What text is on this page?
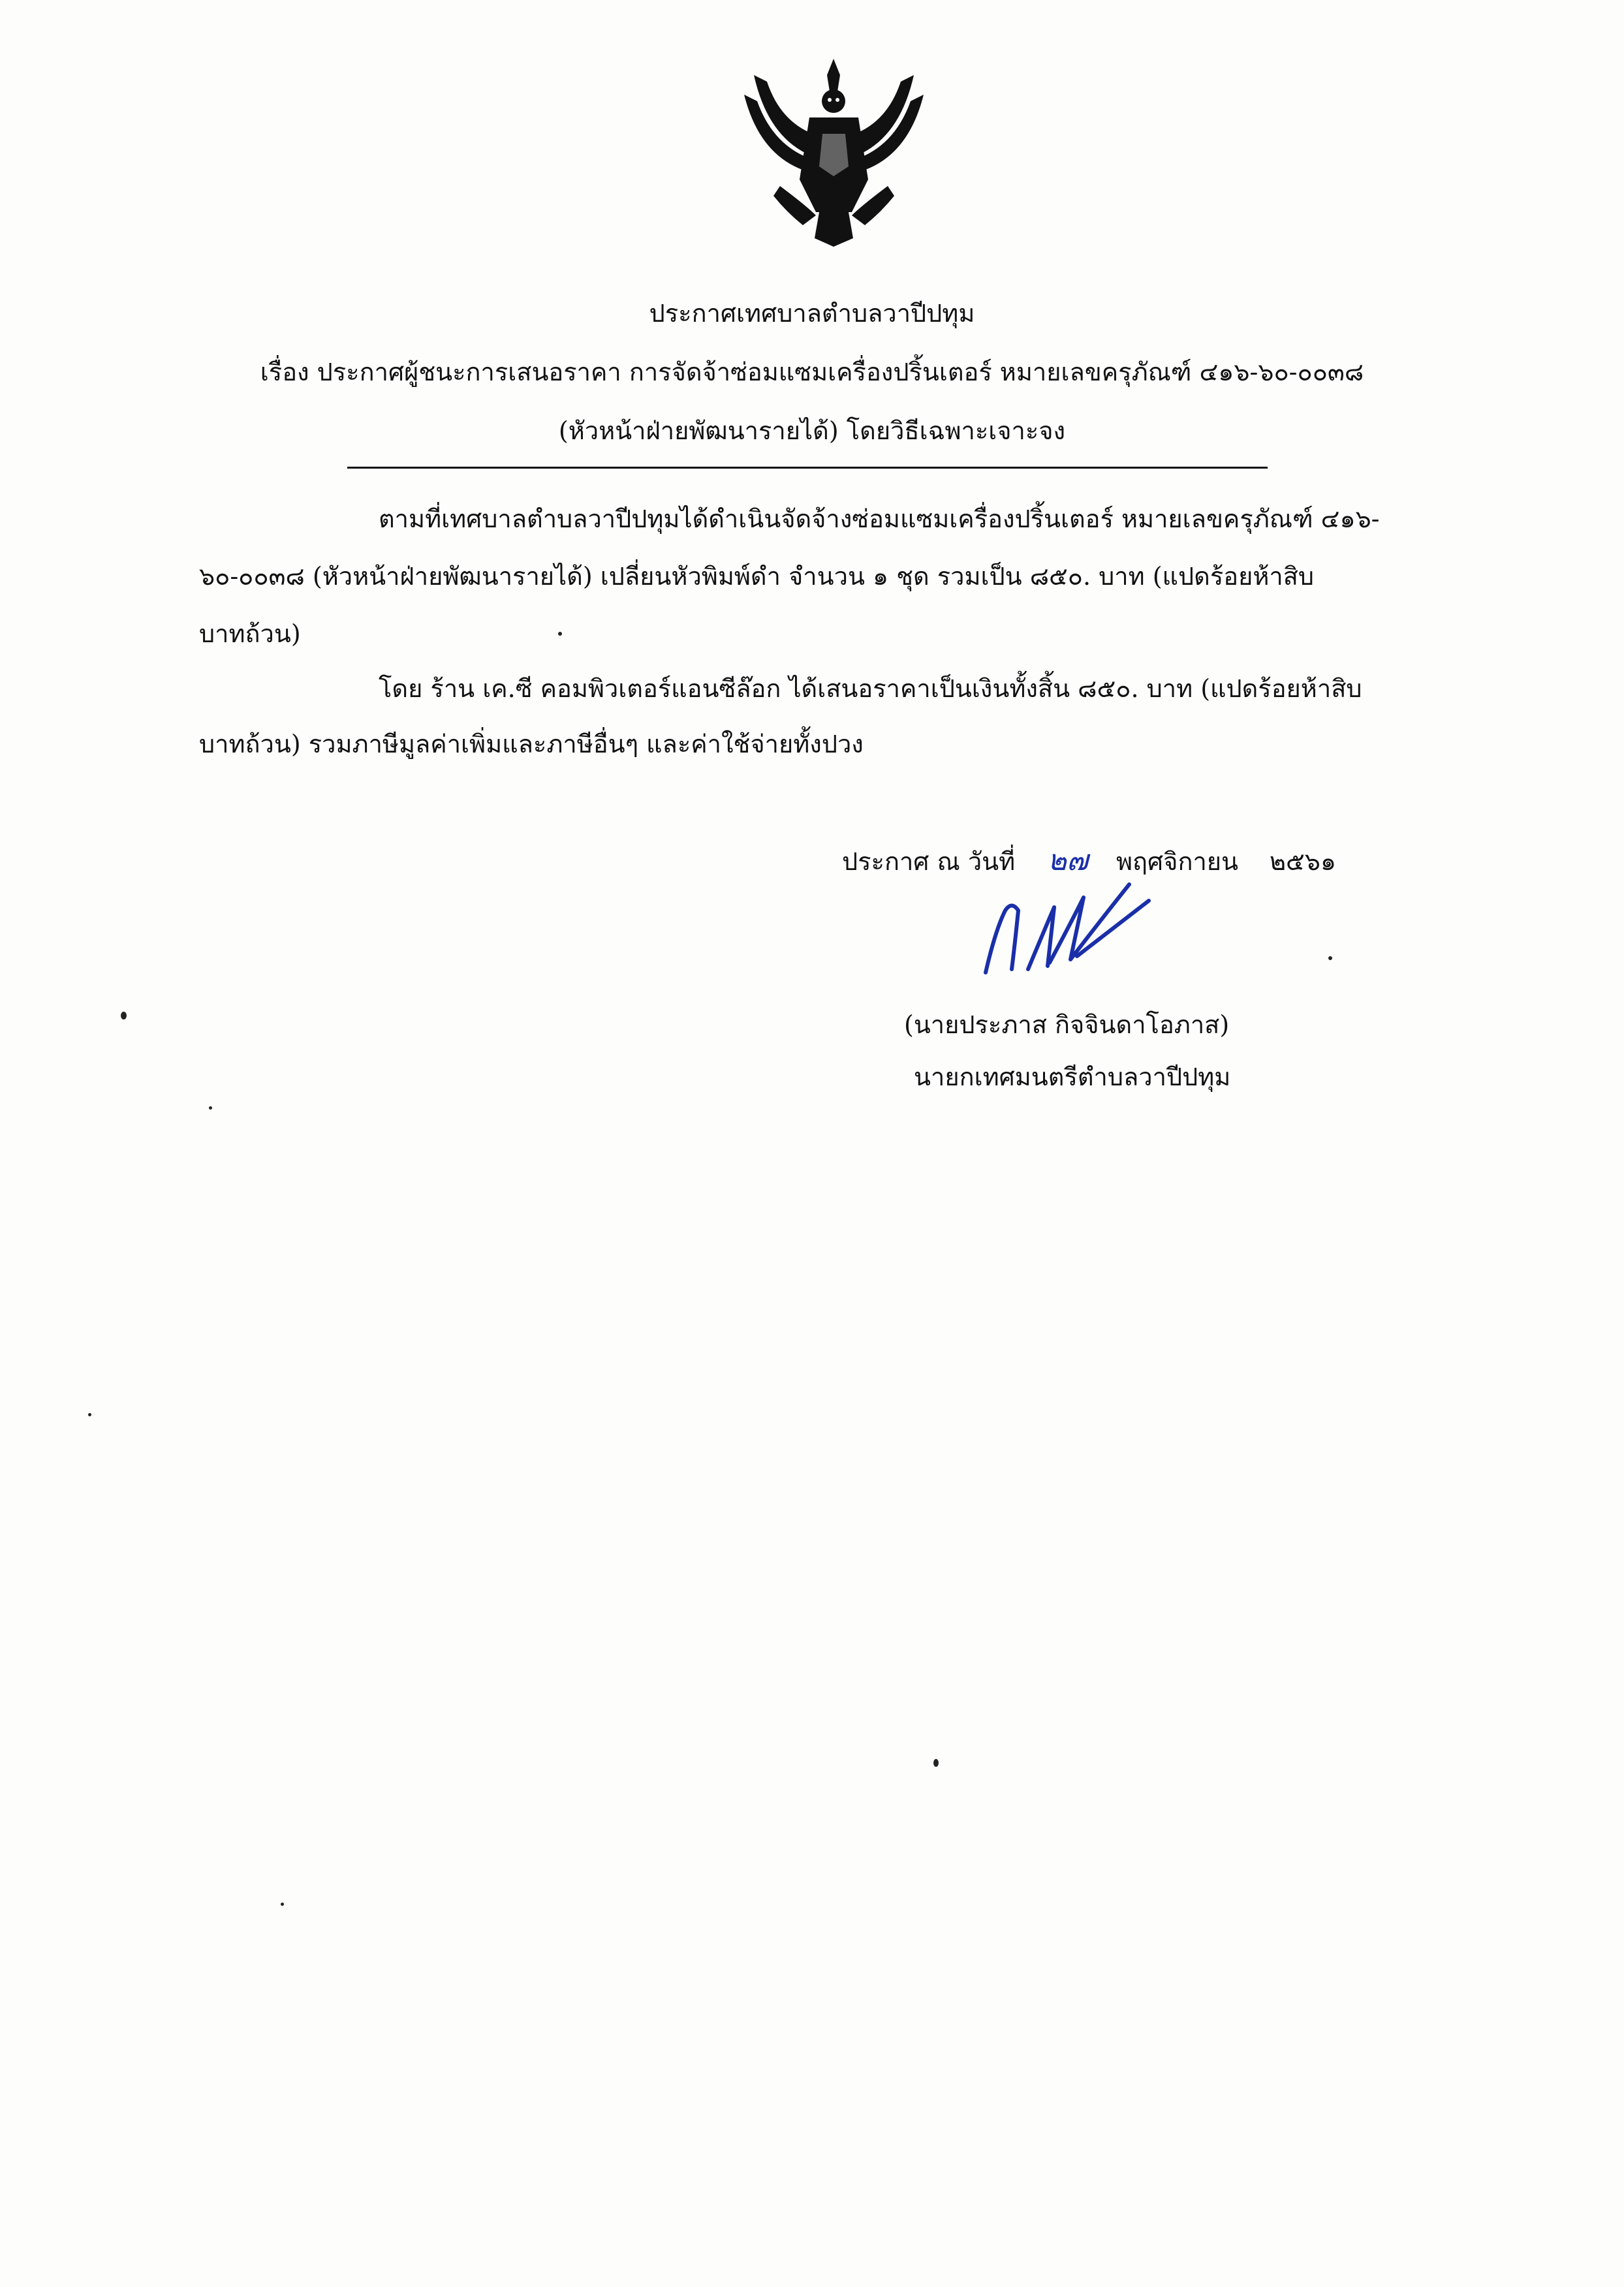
ประกาศเทศบาลตำบลวาปีปทุม
เรื่อง ประกาศผู้ชนะการเสนอราคา การจัดจ้าซ่อมแซมเครื่องปริ้นเตอร์ หมายเลขครุภัณฑ์ ๔๑๖-๖๐-๐๐๓๘
(หัวหน้าฝ่ายพัฒนารายได้) โดยวิธีเฉพาะเจาะจง
ตามที่เทศบาลตำบลวาปีปทุมได้ดำเนินจัดจ้างซ่อมแซมเครื่องปริ้นเตอร์ หมายเลขครุภัณฑ์ ๔๑๖-
๖๐-๐๐๓๘ (หัวหน้าฝ่ายพัฒนารายได้) เปลี่ยนหัวพิมพ์ดำ จำนวน ๑ ชุด รวมเป็น ๘๕๐. บาท (แปดร้อยห้าสิบ
บาทถ้วน)
โดย ร้าน เค.ซี คอมพิวเตอร์แอนซีล๊อก ได้เสนอราคาเป็นเงินทั้งสิ้น ๘๕๐. บาท (แปดร้อยห้าสิบ
บาทถ้วน) รวมภาษีมูลค่าเพิ่มและภาษีอื่นๆ และค่าใช้จ่ายทั้งปวง
ประกาศ ณ วันที่ ๒๗ พฤศจิกายน ๒๕๖๑
(นายประภาส กิจจินดาโอภาส)
นายกเทศมนตรีตำบลวาปีปทุม
